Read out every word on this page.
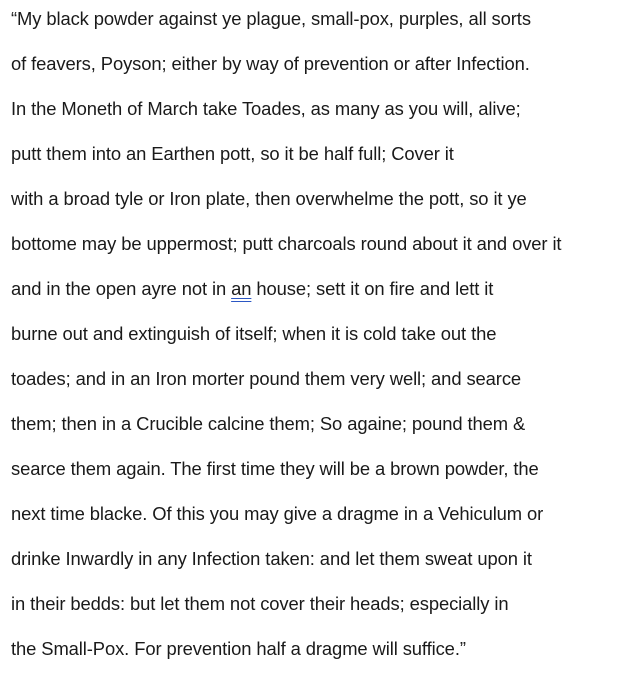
“My black powder against ye plague, small-pox, purples, all sorts
of feavers, Poyson; either by way of prevention or after Infection.
In the Moneth of March take Toades, as many as you will, alive;
putt them into an Earthen pott, so it be half full; Cover it
with a broad tyle or Iron plate, then overwhelme the pott, so it ye
bottome may be uppermost; putt charcoals round about it and over it
and in the open ayre not in an house; sett it on fire and lett it
burne out and extinguish of itself; when it is cold take out the
toades; and in an Iron morter pound them very well; and searce
them; then in a Crucible calcine them; So againe; pound them &
searce them again. The first time they will be a brown powder, the
next time blacke. Of this you may give a dragme in a Vehiculum or
drinke Inwardly in any Infection taken: and let them sweat upon it
in their bedds: but let them not cover their heads; especially in
the Small-Pox. For prevention half a dragme will suffice.”
